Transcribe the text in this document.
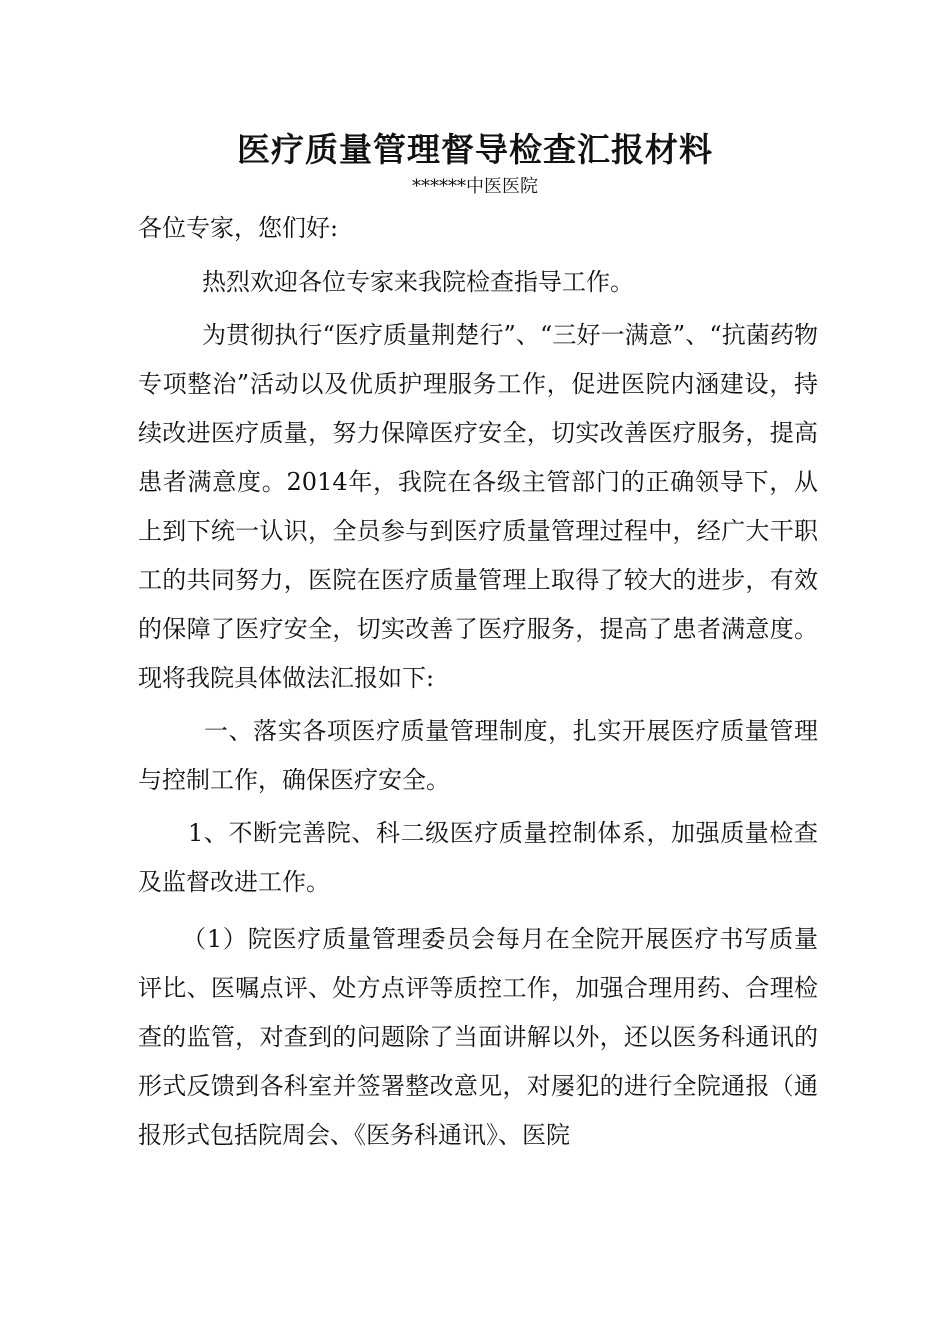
医疗质量管理督导检查汇报材料
******中医医院

各位专家，您们好:

热烈欢迎各位专家来我院检查指导工作。

为贯彻执行“医疗质量荆楚行”、“三好一满意”、“抗菌药物专项整治”活动以及优质护理服务工作，促进医院内涵建设，持续改进医疗质量，努力保障医疗安全，切实改善医疗服务，提高患者满意度。2014年，我院在各级主管部门的正确领导下，从上到下统一认识，全员参与到医疗质量管理过程中，经广大干职工的共同努力，医院在医疗质量管理上取得了较大的进步，有效的保障了医疗安全，切实改善了医疗服务，提高了患者满意度。现将我院具体做法汇报如下:

一、落实各项医疗质量管理制度，扎实开展医疗质量管理与控制工作，确保医疗安全。

1、不断完善院、科二级医疗质量控制体系，加强质量检查及监督改进工作。

（1）院医疗质量管理委员会每月在全院开展医疗书写质量评比、医嘱点评、处方点评等质控工作，加强合理用药、合理检查的监管，对查到的问题除了当面讲解以外，还以医务科通讯的形式反馈到各科室并签署整改意见，对屡犯的进行全院通报（通报形式包括院周会、《医务科通讯》、医院
